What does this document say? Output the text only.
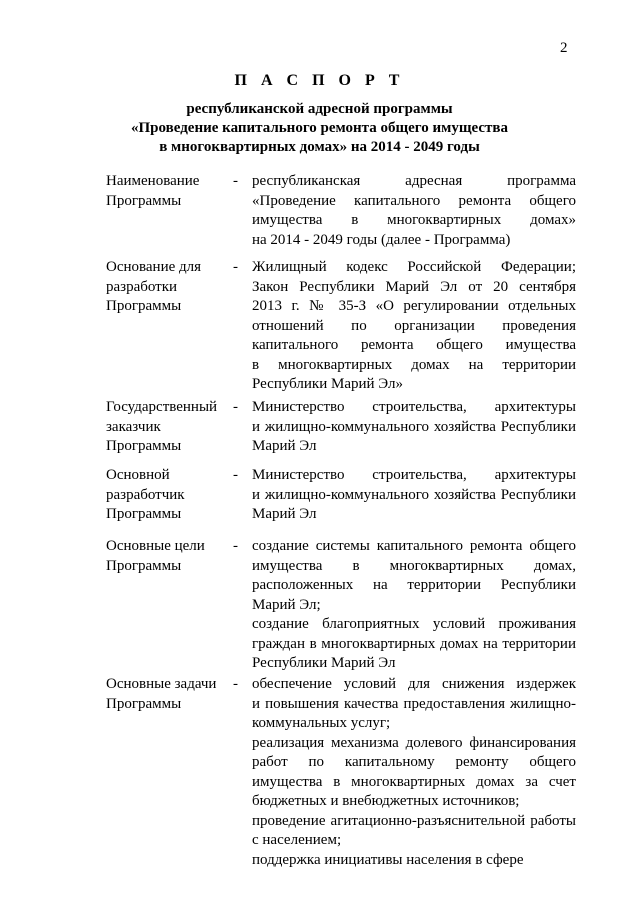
2
П А С П О Р Т
республиканской адресной программы
«Проведение капитального ремонта общего имущества
в многоквартирных домах» на 2014 - 2049 годы
Наименование
Программы
- республиканская адресная программа
«Проведение капитального ремонта общего
имущества в многоквартирных домах»
на 2014 - 2049 годы (далее - Программа)
Основание для
разработки
Программы
- Жилищный кодекс Российской Федерации;
Закон Республики Марий Эл от 20 сентября
2013 г. № 35-З «О регулировании отдельных
отношений по организации проведения
капитального ремонта общего имущества
в многоквартирных домах на территории
Республики Марий Эл»
Государственный
заказчик
Программы
- Министерство строительства, архитектуры
и жилищно-коммунального хозяйства Республики
Марий Эл
Основной
разработчик
Программы
- Министерство строительства, архитектуры
и жилищно-коммунального хозяйства Республики
Марий Эл
Основные цели
Программы
- создание системы капитального ремонта общего
имущества в многоквартирных домах,
расположенных на территории Республики
Марий Эл;
создание благоприятных условий проживания
граждан в многоквартирных домах на территории
Республики Марий Эл
Основные задачи
Программы
- обеспечение условий для снижения издержек
и повышения качества предоставления жилищно-
коммунальных услуг;
реализация механизма долевого финансирования
работ по капитальному ремонту общего
имущества в многоквартирных домах за счет
бюджетных и внебюджетных источников;
проведение агитационно-разъяснительной работы
с населением;
поддержка инициативы населения в сфере
